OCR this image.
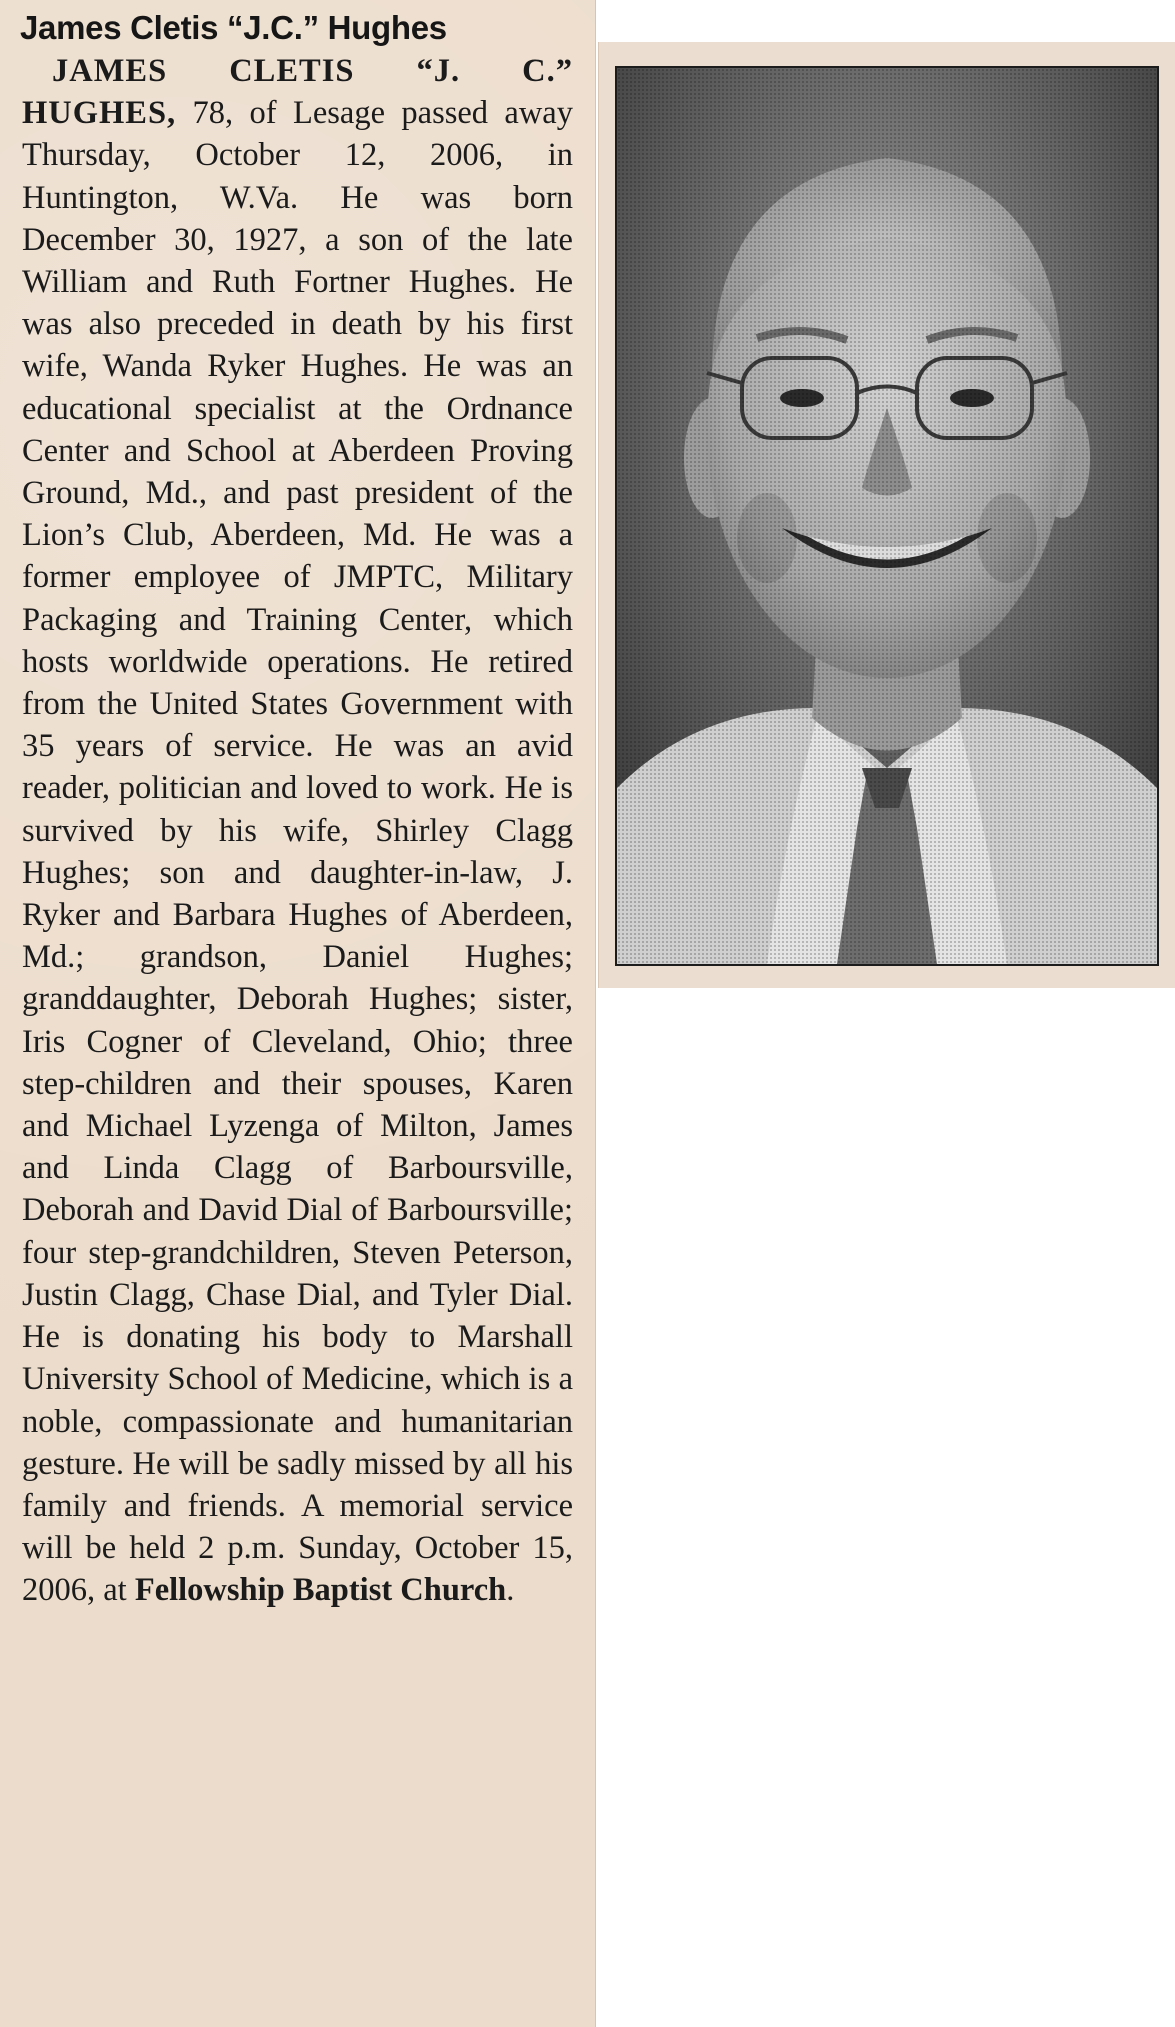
James Cletis “J.C.” Hughes

JAMES CLETIS “J. C.” HUGHES, 78, of Lesage passed away Thursday, October 12, 2006, in Huntington, W.Va. He was born December 30, 1927, a son of the late William and Ruth Fortner Hughes. He was also preceded in death by his first wife, Wanda Ryker Hughes. He was an educational specialist at the Ordnance Center and School at Aberdeen Proving Ground, Md., and past president of the Lion’s Club, Aberdeen, Md. He was a former employee of JMPTC, Military Packaging and Training Center, which hosts worldwide operations. He retired from the United States Government with 35 years of service. He was an avid reader, politician and loved to work. He is survived by his wife, Shirley Clagg Hughes; son and daughter-in-law, J. Ryker and Barbara Hughes of Aberdeen, Md.; grandson, Daniel Hughes; granddaughter, Deborah Hughes; sister, Iris Cogner of Cleveland, Ohio; three step-children and their spouses, Karen and Michael Lyzenga of Milton, James and Linda Clagg of Barboursville, Deborah and David Dial of Barboursville; four step-grandchildren, Steven Peterson, Justin Clagg, Chase Dial, and Tyler Dial. He is donating his body to Marshall University School of Medicine, which is a noble, compassionate and humanitarian gesture. He will be sadly missed by all his family and friends. A memorial service will be held 2 p.m. Sunday, October 15, 2006, at Fellowship Baptist Church.
